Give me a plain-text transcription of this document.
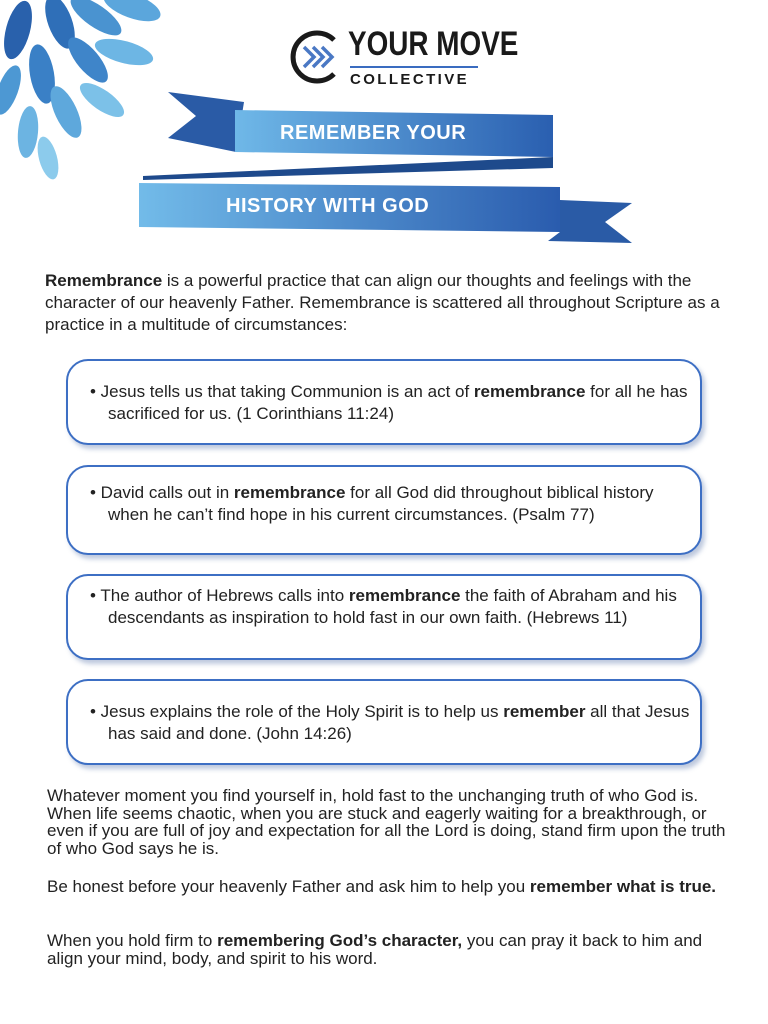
YOUR MOVE
COLLECTIVE
REMEMBER YOUR
HISTORY WITH GOD
Remembrance is a powerful practice that can align our thoughts and feelings with the character of our heavenly Father. Remembrance is scattered all throughout Scripture as a practice in a multitude of circumstances:
• Jesus tells us that taking Communion is an act of remembrance for all he has sacrificed for us. (1 Corinthians 11:24)
• David calls out in remembrance for all God did throughout biblical history when he can’t find hope in his current circumstances. (Psalm 77)
• The author of Hebrews calls into remembrance the faith of Abraham and his descendants as inspiration to hold fast in our own faith. (Hebrews 11)
• Jesus explains the role of the Holy Spirit is to help us remember all that Jesus has said and done. (John 14:26)
Whatever moment you find yourself in, hold fast to the unchanging truth of who God is. When life seems chaotic, when you are stuck and eagerly waiting for a breakthrough, or even if you are full of joy and expectation for all the Lord is doing, stand firm upon the truth of who God says he is.
Be honest before your heavenly Father and ask him to help you remember what is true.
When you hold firm to remembering God’s character, you can pray it back to him and align your mind, body, and spirit to his word.
